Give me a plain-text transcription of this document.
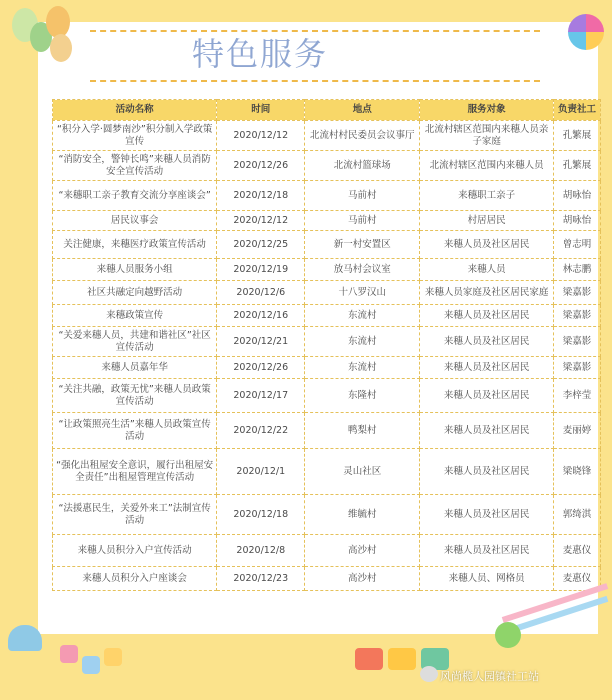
特色服务
活动名称	时间	地点	服务对象	负责社工
“积分入学·圆梦南沙”积分制入学政策宣传	2020/12/12	北流村村民委员会议事厅	北流村辖区范围内来穗人员亲子家庭	孔繁展
“消防安全，警钟长鸣”来穗人员消防安全宣传活动	2020/12/26	北流村篮球场	北流村辖区范围内来穗人员	孔繁展
“来穗职工亲子教育交流分享座谈会”	2020/12/18	马前村	来穗职工亲子	胡咏怡
居民议事会	2020/12/12	马前村	村居居民	胡咏怡
关注健康，来穗医疗政策宣传活动	2020/12/25	新一村安置区	来穗人员及社区居民	曾志明
来穗人员服务小组	2020/12/19	放马村会议室	来穗人员	林志鹏
社区共融定向越野活动	2020/12/6	十八罗汉山	来穗人员家庭及社区居民家庭	梁嘉影
来穗政策宣传	2020/12/16	东流村	来穗人员及社区居民	梁嘉影
“关爱来穗人员，共建和谐社区”社区宣传活动	2020/12/21	东流村	来穗人员及社区居民	梁嘉影
来穗人员嘉年华	2020/12/26	东流村	来穗人员及社区居民	梁嘉影
“关注共融，政策无忧”来穗人员政策宣传活动	2020/12/17	东隆村	来穗人员及社区居民	李梓莹
“让政策照亮生活”来穗人员政策宣传活动	2020/12/22	鸭梨村	来穗人员及社区居民	麦丽婷
“强化出租屋安全意识，履行出租屋安全责任”出租屋管理宣传活动	2020/12/1	灵山社区	来穗人员及社区居民	梁晓锋
“法援惠民生，关爱外来工”法制宣传活动	2020/12/18	维毓村	来穗人员及社区居民	郭绮淇
来穗人员积分入户宣传活动	2020/12/8	高沙村	来穗人员及社区居民	麦惠仪
来穗人员积分入户座谈会	2020/12/23	高沙村	来穗人员、网格员	麦惠仪
风尚榄人园镇社工站
